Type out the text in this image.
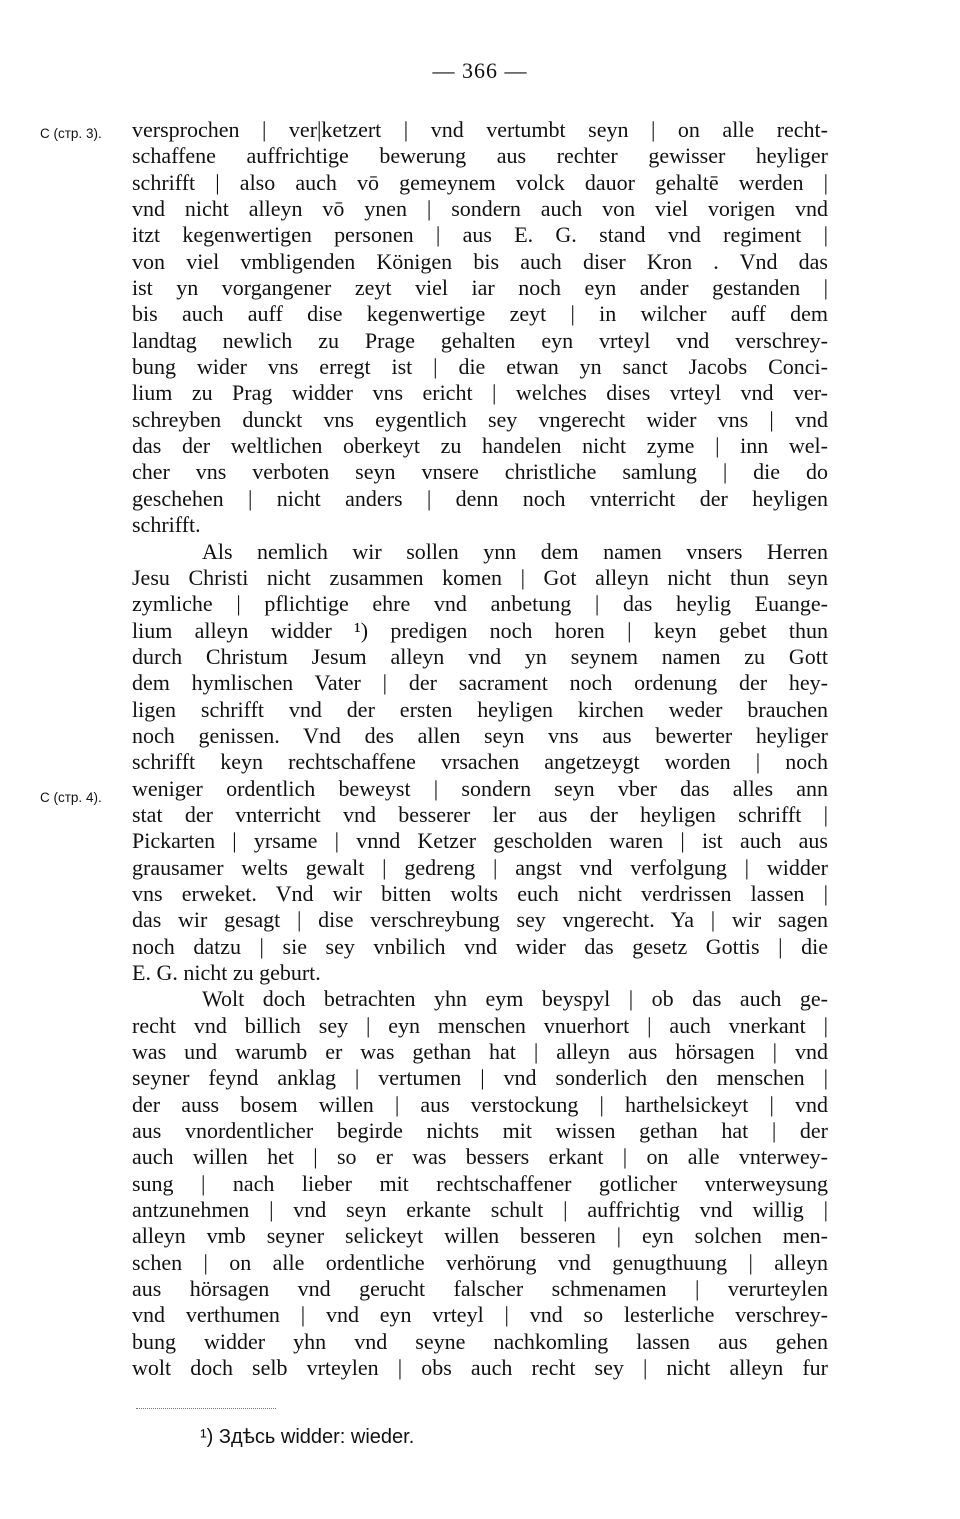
— 366 —
С (стр. 3).
С (стр. 4).
versprochen | ver|ketzert | vnd vertumbt seyn | on alle recht-
schaffene auffrichtige bewerung aus rechter gewisser heyliger
schrifft | also auch vō gemeynem volck dauor gehaltē werden |
vnd nicht alleyn vō ynen | sondern auch von viel vorigen vnd
itzt kegenwertigen personen | aus E. G. stand vnd regiment |
von viel vmbligenden Königen bis auch diser Kron . Vnd das
ist yn vorgangener zeyt viel iar noch eyn ander gestanden |
bis auch auff dise kegenwertige zeyt | in wilcher auff dem
landtag newlich zu Prage gehalten eyn vrteyl vnd verschrey-
bung wider vns erregt ist | die etwan yn sanct Jacobs Conci-
lium zu Prag widder vns ericht | welches dises vrteyl vnd ver-
schreyben dunckt vns eygentlich sey vngerecht wider vns | vnd
das der weltlichen oberkeyt zu handelen nicht zyme | inn wel-
cher vns verboten seyn vnsere christliche samlung | die do
geschehen | nicht anders | denn noch vnterricht der heyligen
schrifft.
Als nemlich wir sollen ynn dem namen vnsers Herren
Jesu Christi nicht zusammen komen | Got alleyn nicht thun seyn
zymliche | pflichtige ehre vnd anbetung | das heylig Euange-
lium alleyn widder ¹) predigen noch horen | keyn gebet thun
durch Christum Jesum alleyn vnd yn seynem namen zu Gott
dem hymlischen Vater | der sacrament noch ordenung der hey-
ligen schrifft vnd der ersten heyligen kirchen weder brauchen
noch genissen. Vnd des allen seyn vns aus bewerter heyliger
schrifft keyn rechtschaffene vrsachen angetzeygt worden | noch
weniger ordentlich beweyst | sondern seyn vber das alles ann
stat der vnterricht vnd besserer ler aus der heyligen schrifft |
Pickarten | yrsame | vnnd Ketzer gescholden waren | ist auch aus
grausamer welts gewalt | gedreng | angst vnd verfolgung | widder
vns erweket. Vnd wir bitten wolts euch nicht verdrissen lassen |
das wir gesagt | dise verschreybung sey vngerecht. Ya | wir sagen
noch datzu | sie sey vnbilich vnd wider das gesetz Gottis | die
E. G. nicht zu geburt.
Wolt doch betrachten yhn eym beyspyl | ob das auch ge-
recht vnd billich sey | eyn menschen vnuerhort | auch vnerkant |
was und warumb er was gethan hat | alleyn aus hörsagen | vnd
seyner feynd anklag | vertumen | vnd sonderlich den menschen |
der auss bosem willen | aus verstockung | harthelsickeyt | vnd
aus vnordentlicher begirde nichts mit wissen gethan hat | der
auch willen het | so er was bessers erkant | on alle vnterwey-
sung | nach lieber mit rechtschaffener gotlicher vnterweysung
antzunehmen | vnd seyn erkante schult | auffrichtig vnd willig |
alleyn vmb seyner selickeyt willen besseren | eyn solchen men-
schen | on alle ordentliche verhörung vnd genugthuung | alleyn
aus hörsagen vnd gerucht falscher schmenamen | verurteylen
vnd verthumen | vnd eyn vrteyl | vnd so lesterliche verschrey-
bung widder yhn vnd seyne nachkomling lassen aus gehen
wolt doch selb vrteylen | obs auch recht sey | nicht alleyn fur
¹) Здѣсь widder: wieder.
